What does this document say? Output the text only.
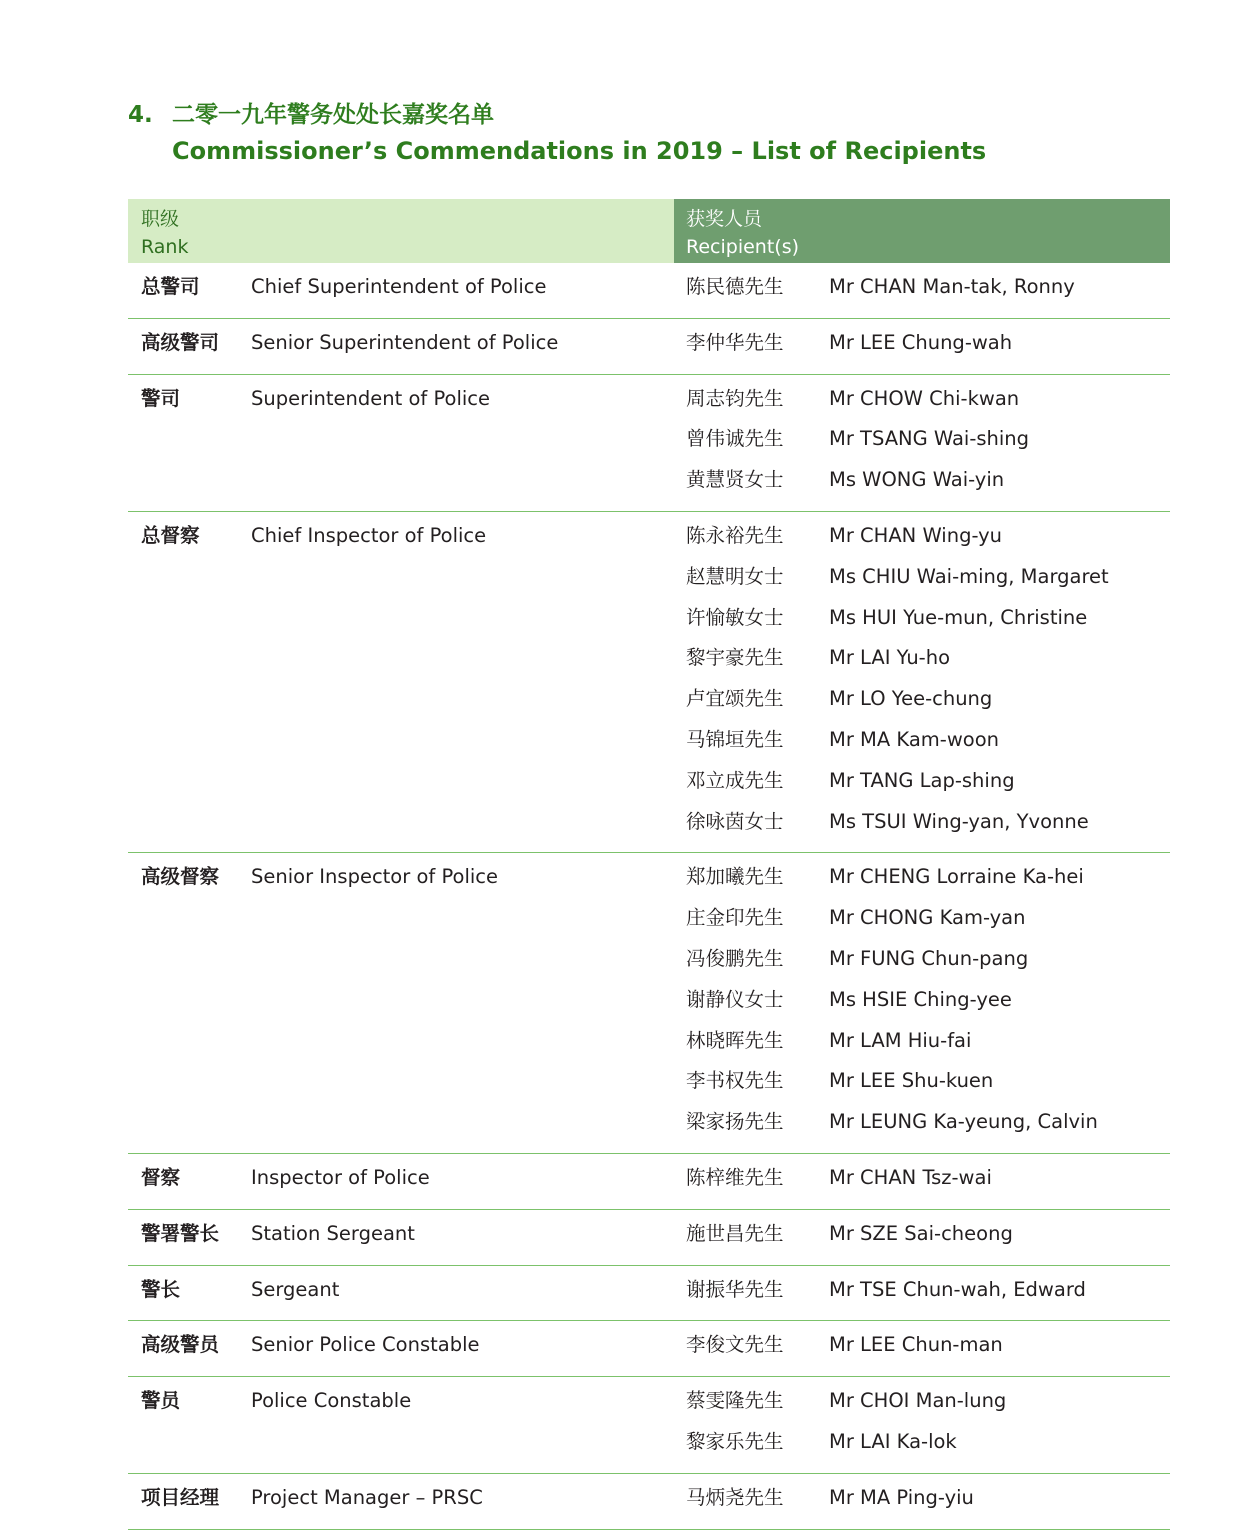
4. 二零一九年警务处处长嘉奖名单
Commissioner’s Commendations in 2019 – List of Recipients
职级
Rank
获奖人员
Recipient(s)
总警司	Chief Superintendent of Police	陈民德先生	Mr CHAN Man-tak, Ronny
高级警司	Senior Superintendent of Police	李仲华先生	Mr LEE Chung-wah
警司	Superintendent of Police	周志钧先生	Mr CHOW Chi-kwan
曾伟诚先生	Mr TSANG Wai-shing
黄慧贤女士	Ms WONG Wai-yin
总督察	Chief Inspector of Police	陈永裕先生	Mr CHAN Wing-yu
赵慧明女士	Ms CHIU Wai-ming, Margaret
许愉敏女士	Ms HUI Yue-mun, Christine
黎宇豪先生	Mr LAI Yu-ho
卢宜颂先生	Mr LO Yee-chung
马锦垣先生	Mr MA Kam-woon
邓立成先生	Mr TANG Lap-shing
徐咏茵女士	Ms TSUI Wing-yan, Yvonne
高级督察	Senior Inspector of Police	郑加曦先生	Mr CHENG Lorraine Ka-hei
庄金印先生	Mr CHONG Kam-yan
冯俊鹏先生	Mr FUNG Chun-pang
谢静仪女士	Ms HSIE Ching-yee
林晓晖先生	Mr LAM Hiu-fai
李书权先生	Mr LEE Shu-kuen
梁家扬先生	Mr LEUNG Ka-yeung, Calvin
督察	Inspector of Police	陈梓维先生	Mr CHAN Tsz-wai
警署警长	Station Sergeant	施世昌先生	Mr SZE Sai-cheong
警长	Sergeant	谢振华先生	Mr TSE Chun-wah, Edward
高级警员	Senior Police Constable	李俊文先生	Mr LEE Chun-man
警员	Police Constable	蔡雯隆先生	Mr CHOI Man-lung
黎家乐先生	Mr LAI Ka-lok
项目经理	Project Manager – PRSC	马炳尧先生	Mr MA Ping-yiu
